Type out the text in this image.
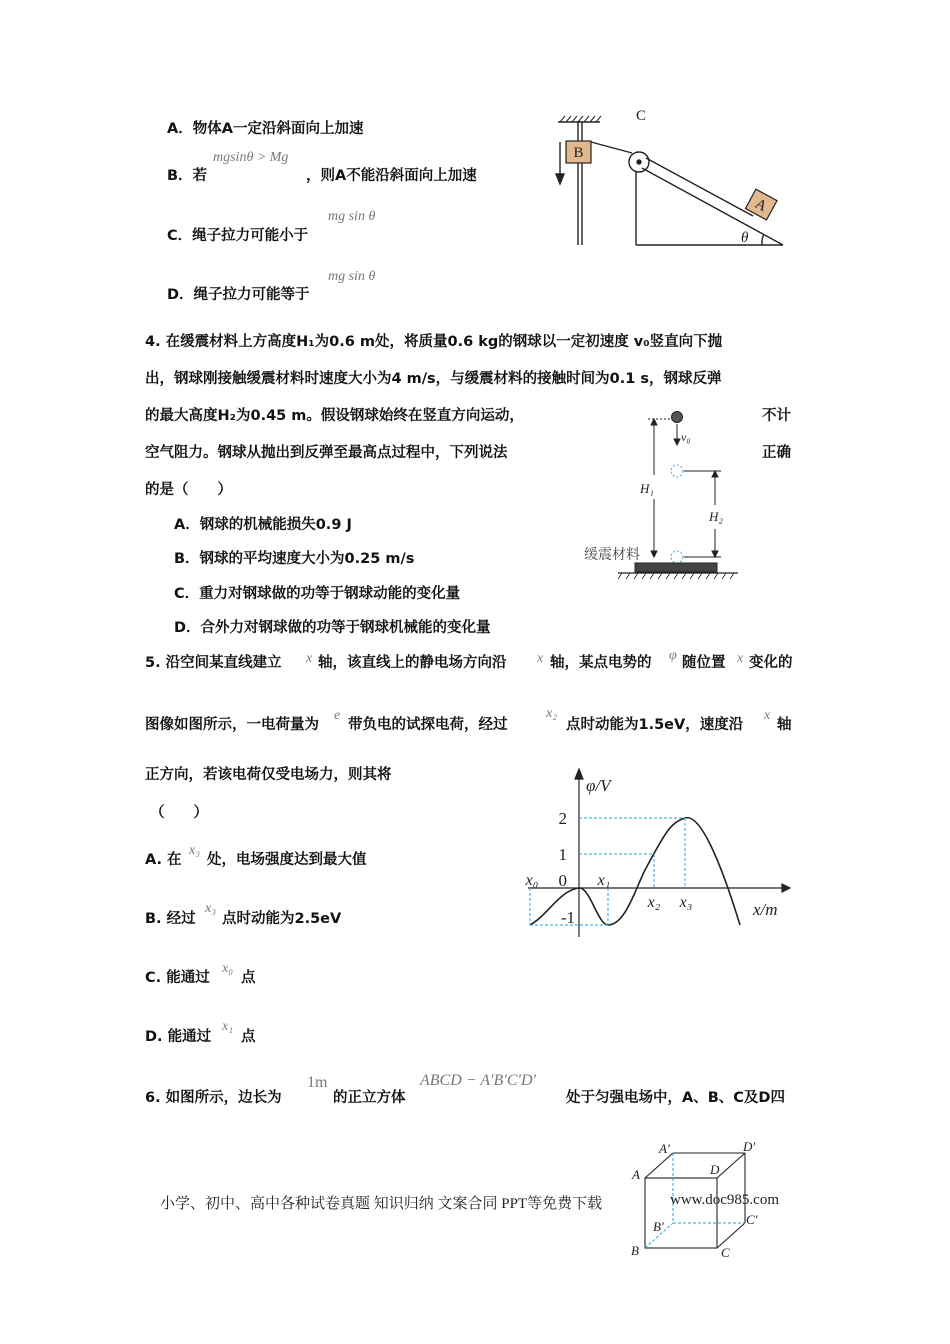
A．物体A一定沿斜面向上加速
mgsinθ > Mg
B．若	，则A不能沿斜面向上加速
mg sin θ
C．绳子拉力可能小于
mg sin θ
D．绳子拉力可能等于
B
C
A
θ
4. 在缓震材料上方高度H₁为0.6 m处，将质量0.6 kg的钢球以一定初速度 v₀竖直向下抛
出，钢球刚接触缓震材料时速度大小为4 m/s，与缓震材料的接触时间为0.1 s，钢球反弹
的最大高度H₂为0.45 m。假设钢球始终在竖直方向运动，	不计
空气阻力。钢球从抛出到反弹至最高点过程中，下列说法	正确
的是（　　）
A．钢球的机械能损失0.9 J
B．钢球的平均速度大小为0.25 m/s
C．重力对钢球做的功等于钢球动能的变化量
D．合外力对钢球做的功等于钢球机械能的变化量
v₀
H₁
H₂
缓震材料
5. 沿空间某直线建立 x 轴，该直线上的静电场方向沿 x 轴，某点电势的 φ 随位置 x 变化的
图像如图所示，一电荷量为
e
带负电的试探电荷，经过
x₂
点时动能为1.5eV，速度沿
x
轴
正方向，若该电荷仅受电场力，则其将
（　　）
x₃
A. 在 处，电场强度达到最大值
x₃
B. 经过 点时动能为2.5eV
x₀
C. 能通过 点
x₁
D. 能通过 点
φ/V
x/m
2
1
0
-1
x₀	x₁
x₂ x₃
6. 如图所示，边长为
1m
的正立方体
ABCD − A′B′C′D′
处于匀强电场中，A、B、C及D四
A′	D′
A	D
B′	C′
B	C
小学、初中、高中各种试卷真题 知识归纳 文案合同 PPT等免费下载	www.doc985.com
